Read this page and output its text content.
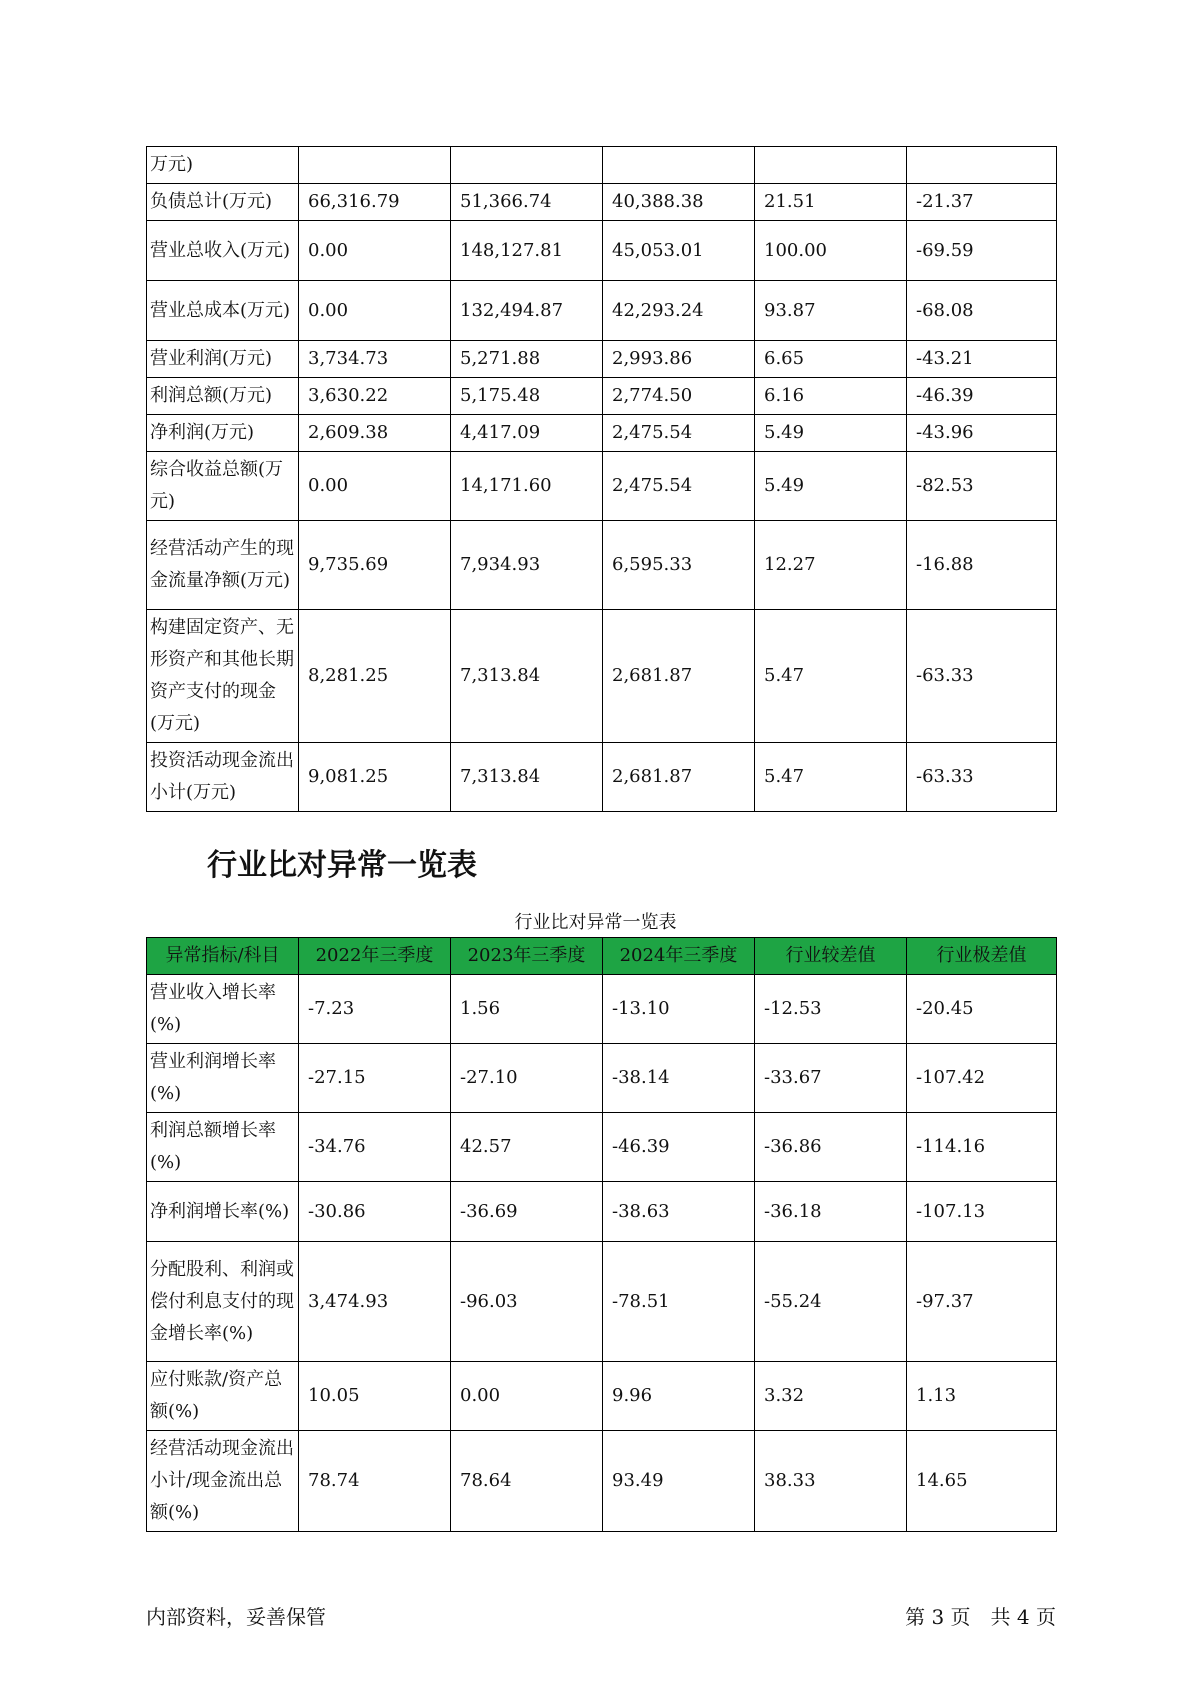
万元)					
负债总计(万元)	66,316.79	51,366.74	40,388.38	21.51	-21.37
营业总收入(万元)	0.00	148,127.81	45,053.01	100.00	-69.59
营业总成本(万元)	0.00	132,494.87	42,293.24	93.87	-68.08
营业利润(万元)	3,734.73	5,271.88	2,993.86	6.65	-43.21
利润总额(万元)	3,630.22	5,175.48	2,774.50	6.16	-46.39
净利润(万元)	2,609.38	4,417.09	2,475.54	5.49	-43.96
综合收益总额(万元)	0.00	14,171.60	2,475.54	5.49	-82.53
经营活动产生的现金流量净额(万元)	9,735.69	7,934.93	6,595.33	12.27	-16.88
构建固定资产、无形资产和其他长期资产支付的现金(万元)	8,281.25	7,313.84	2,681.87	5.47	-63.33
投资活动现金流出小计(万元)	9,081.25	7,313.84	2,681.87	5.47	-63.33
行业比对异常一览表
行业比对异常一览表
异常指标/科目	2022年三季度	2023年三季度	2024年三季度	行业较差值	行业极差值
营业收入增长率(%)	-7.23	1.56	-13.10	-12.53	-20.45
营业利润增长率(%)	-27.15	-27.10	-38.14	-33.67	-107.42
利润总额增长率(%)	-34.76	42.57	-46.39	-36.86	-114.16
净利润增长率(%)	-30.86	-36.69	-38.63	-36.18	-107.13
分配股利、利润或偿付利息支付的现金增长率(%)	3,474.93	-96.03	-78.51	-55.24	-97.37
应付账款/资产总额(%)	10.05	0.00	9.96	3.32	1.13
经营活动现金流出小计/现金流出总额(%)	78.74	78.64	93.49	38.33	14.65
内部资料，妥善保管	第 3 页　共 4 页
